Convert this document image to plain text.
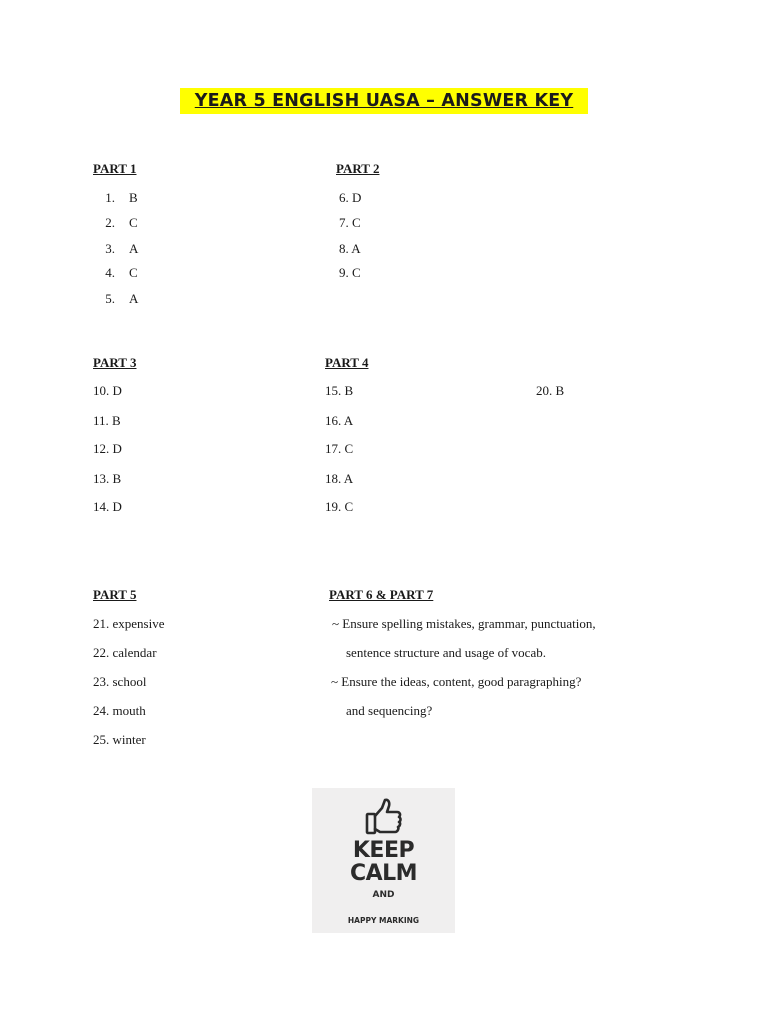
YEAR 5 ENGLISH UASA – ANSWER KEY
PART 1
1. B
2. C
3. A
4. C
5. A
PART 2
6. D
7. C
8. A
9. C
PART 3
10. D
11. B
12. D
13. B
14. D
PART 4
15. B
16. A
17. C
18. A
19. C
20. B
PART 5
21. expensive
22. calendar
23. school
24. mouth
25. winter
PART 6 & PART 7
~ Ensure spelling mistakes, grammar, punctuation,
sentence structure and usage of vocab.
~ Ensure the ideas, content, good paragraphing?
and sequencing?
KEEP
CALM
AND
HAPPY MARKING
